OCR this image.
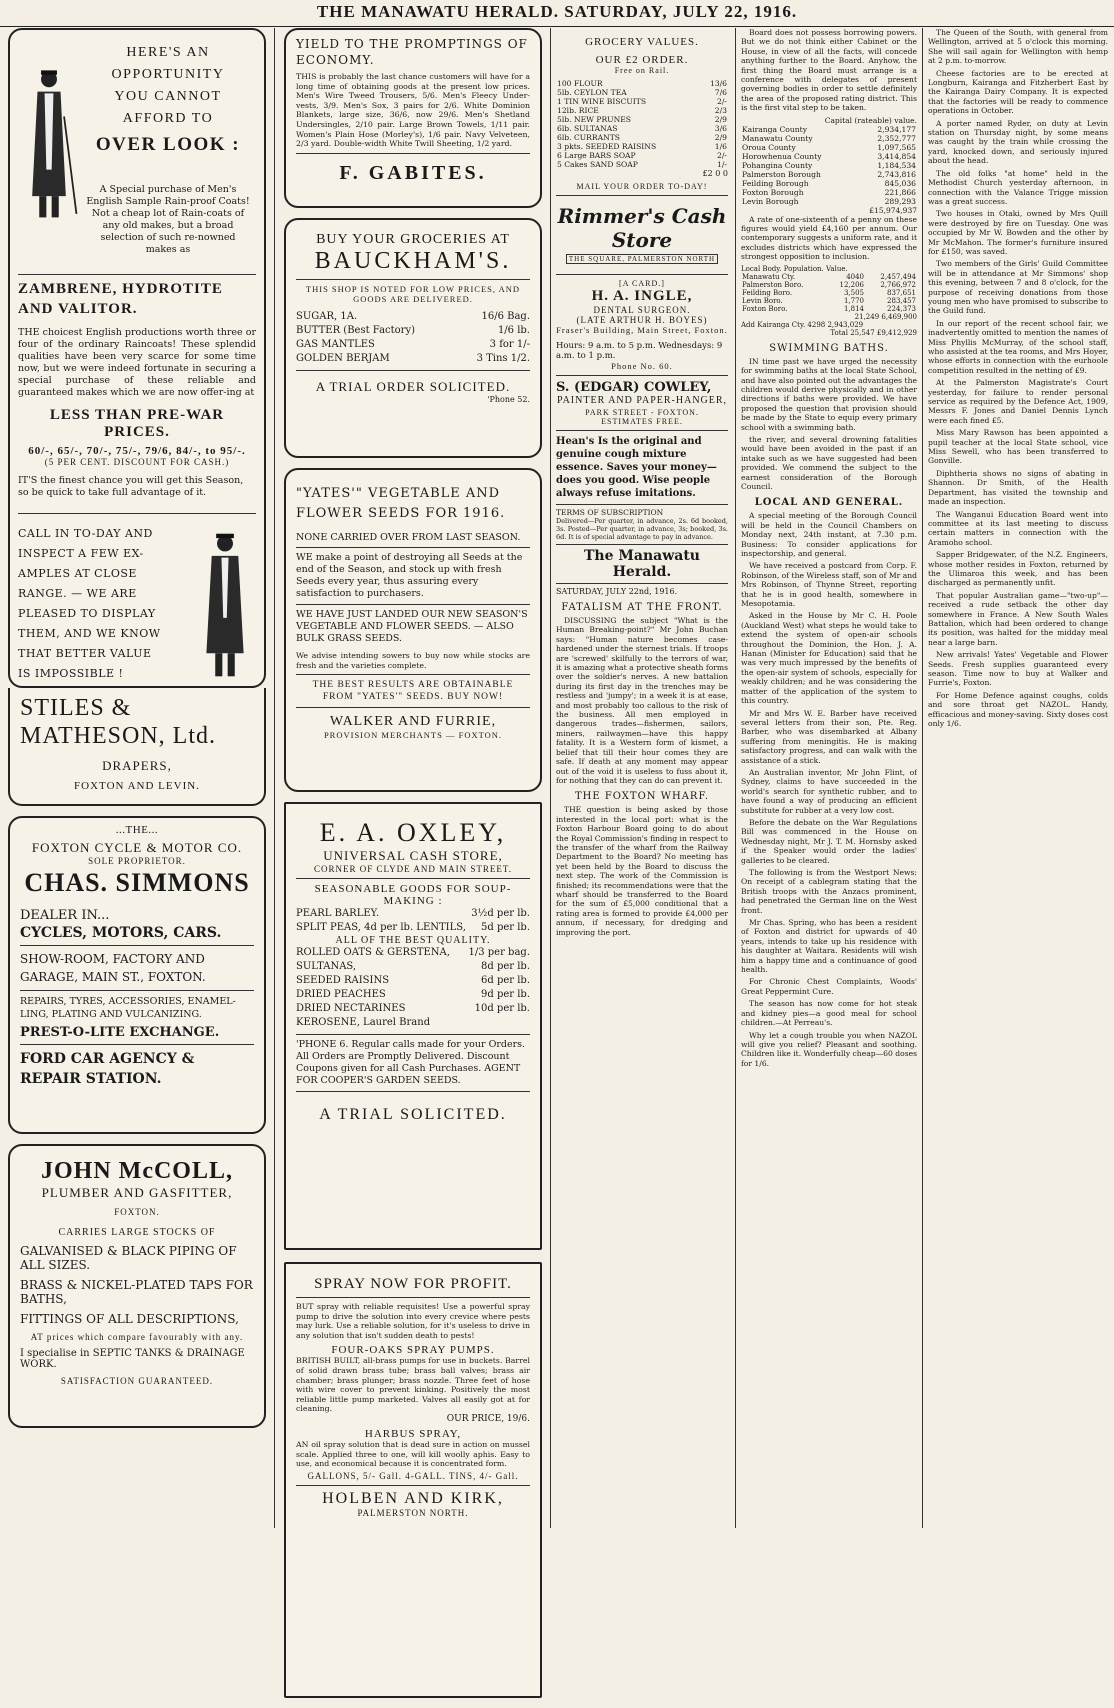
THE MANAWATU HERALD. SATURDAY, JULY 22, 1916.
HERE'S AN
OPPORTUNITY
YOU CANNOT
AFFORD TO
OVER LOOK :
A Special purchase of Men's English Sample Rain-proof Coats! Not a cheap lot of Rain-coats of any old makes, but a broad selection of such re-nowned makes as
ZAMBRENE, HYDROTITE AND VALITOR.
THE choicest English productions worth three or four of the ordinary Raincoats! These splendid qualities have been very scarce for some time now, but we were indeed fortunate in securing a special purchase of these reliable and guaranteed makes which we are now offer-ing at
LESS THAN PRE-WAR PRICES.
60/-, 65/-, 70/-, 75/-, 79/6, 84/-, to 95/-.
(5 PER CENT. DISCOUNT FOR CASH.)
IT'S the finest chance you will get this Season, so be quick to take full advantage of it.
CALL IN TO-DAY AND
INSPECT A FEW EX-
AMPLES AT CLOSE
RANGE. — WE ARE
PLEASED TO DISPLAY
THEM, AND WE KNOW
THAT BETTER VALUE
IS IMPOSSIBLE !
STILES & MATHESON, Ltd.
DRAPERS,
FOXTON AND LEVIN.
...THE...
FOXTON CYCLE & MOTOR CO.
SOLE PROPRIETOR.
CHAS. SIMMONS
DEALER IN...
CYCLES, MOTORS, CARS.
SHOW-ROOM, FACTORY AND GARAGE, MAIN ST., FOXTON.
REPAIRS, TYRES, ACCESSORIES, ENAMEL-LING, PLATING AND VULCANIZING.
PREST-O-LITE EXCHANGE.
FORD CAR AGENCY & REPAIR STATION.
JOHN McCOLL,
PLUMBER AND GASFITTER,
FOXTON.
CARRIES LARGE STOCKS OF
GALVANISED & BLACK PIPING OF ALL SIZES.
BRASS & NICKEL-PLATED TAPS FOR BATHS,
FITTINGS OF ALL DESCRIPTIONS,
AT prices which compare favourably with any.
I specialise in SEPTIC TANKS & DRAINAGE WORK.
SATISFACTION GUARANTEED.
YIELD TO THE PROMPTINGS OF ECONOMY.
THIS is probably the last chance customers will have for a long time of obtaining goods at the present low prices. Men's Wire Tweed Trousers, 5/6. Men's Fleecy Under-vests, 3/9. Men's Sox, 3 pairs for 2/6. White Dominion Blankets, large size, 36/6, now 29/6. Men's Shetland Undersingles, 2/10 pair. Large Brown Towels, 1/11 pair. Women's Plain Hose (Morley's), 1/6 pair. Navy Velveteen, 2/3 yard. Double-width White Twill Sheeting, 1/2 yard.
F. GABITES.
BUY YOUR GROCERIES AT
BAUCKHAM'S.
THIS SHOP IS NOTED FOR LOW PRICES, AND GOODS ARE DELIVERED.
SUGAR, 1A.	16/6 Bag.
BUTTER (Best Factory)	1/6 lb.
GAS MANTLES	3 for 1/-
GOLDEN BERJAM	3 Tins 1/2.
A TRIAL ORDER SOLICITED.
'Phone 52.
"YATES'" VEGETABLE AND FLOWER SEEDS FOR 1916.
NONE CARRIED OVER FROM LAST SEASON.
WE make a point of destroying all Seeds at the end of the Season, and stock up with fresh Seeds every year, thus assuring every satisfaction to purchasers.
WE HAVE JUST LANDED OUR NEW SEASON'S VEGETABLE AND FLOWER SEEDS. — ALSO BULK GRASS SEEDS.
We advise intending sowers to buy now while stocks are fresh and the varieties complete.
THE BEST RESULTS ARE OBTAINABLE FROM "YATES'" SEEDS. BUY NOW!
WALKER AND FURRIE,
PROVISION MERCHANTS — FOXTON.
E. A. OXLEY,
UNIVERSAL CASH STORE,
CORNER OF CLYDE AND MAIN STREET.
SEASONABLE GOODS FOR SOUP-MAKING :
PEARL BARLEY.	3½d per lb.
SPLIT PEAS, 4d per lb. LENTILS, 5d per lb.
ALL OF THE BEST QUALITY.
ROLLED OATS & GERSTENA, 1/3 per bag.
SULTANAS,	8d per lb.
SEEDED RAISINS	6d per lb.
DRIED PEACHES	9d per lb.
DRIED NECTARINES	10d per lb.
KEROSENE, Laurel Brand
'PHONE 6. Regular calls made for your Orders. All Orders are Promptly Delivered. Discount Coupons given for all Cash Purchases. AGENT FOR COOPER'S GARDEN SEEDS.
A TRIAL SOLICITED.
SPRAY NOW FOR PROFIT.
BUT spray with reliable requisites! Use a powerful spray pump to drive the solution into every crevice where pests may lurk. Use a reliable solution, for it's useless to drive in any solution that isn't sudden death to pests!
FOUR-OAKS SPRAY PUMPS.
BRITISH BUILT, all-brass pumps for use in buckets. Barrel of solid drawn brass tube; brass ball valves; brass air chamber; brass plunger; brass nozzle. Three feet of hose with wire cover to prevent kinking. Positively the most reliable little pump marketed. Valves all easily got at for cleaning.
OUR PRICE, 19/6.
HARBUS SPRAY,
AN oil spray solution that is dead sure in action on mussel scale. Applied three to one, will kill woolly aphis. Easy to use, and economical because it is concentrated form.
GALLONS, 5/- Gall. 4-GALL. TINS, 4/- Gall.
HOLBEN AND KIRK,
PALMERSTON NORTH.
GROCERY VALUES.
OUR £2 ORDER.
Free on Rail.
100 FLOUR	13/6
5lb. CEYLON TEA	7/6
1 TIN WINE BISCUITS	2/-
12lb. RICE	2/3
5lb. NEW PRUNES	2/9
6lb. SULTANAS	3/6
6lb. CURRANTS	2/9
3 pkts. SEEDED RAISINS	1/6
6 Large BARS SOAP	2/-
5 Cakes SAND SOAP	1/-
£2 0 0
MAIL YOUR ORDER TO-DAY!
Rimmer's Cash Store
THE SQUARE, PALMERSTON NORTH
[A CARD.]
H. A. INGLE,
DENTAL SURGEON.
(LATE ARTHUR H. BOYES)
Fraser's Building, Main Street, Foxton.
Hours: 9 a.m. to 5 p.m. Wednesdays: 9 a.m. to 1 p.m.
Phone No. 60.
S. (EDGAR) COWLEY,
PAINTER AND PAPER-HANGER,
PARK STREET - FOXTON.
ESTIMATES FREE.
Hean's Is the original and genuine cough mixture essence. Saves your money—does you good. Wise people always refuse imitations.
TERMS OF SUBSCRIPTION
Delivered—Per quarter, in advance, 2s. 6d booked, 3s. Posted—Per quarter, in advance, 3s; booked, 3s. 6d. It is of special advantage to pay in advance.
The Manawatu Herald.
SATURDAY, JULY 22nd, 1916.
FATALISM AT THE FRONT.

DISCUSSING the subject "What is the Human Breaking-point?" Mr John Buchan says: "Human nature becomes case-hardened under the sternest trials. If troops are 'screwed' skilfully to the terrors of war, it is amazing what a protective sheath forms over the soldier's nerves. A new battalion during its first day in the trenches may be restless and 'jumpy'; in a week it is at ease, and most probably too callous to the risk of the business. All men employed in dangerous trades—fishermen, sailors, miners, railwaymen—have this happy fatality. It is a Western form of kismet, a belief that till their hour comes they are safe. If death at any moment may appear out of the void it is useless to fuss about it, for nothing that they can do can prevent it.

THE FOXTON WHARF.

THE question is being asked by those interested in the local port: what is the Foxton Harbour Board going to do about the Royal Commission's finding in respect to the transfer of the wharf from the Railway Department to the Board? No meeting has yet been held by the Board to discuss the next step. The work of the Commission is finished; its recommendations were that the wharf should be transferred to the Board for the sum of £5,000 conditional that a rating area is formed to provide £4,000 per annum, if necessary, for dredging and improving the port.

Board does not possess borrowing powers. But we do not think either Cabinet or the House, in view of all the facts, will concede anything further to the Board. Anyhow, the first thing the Board must arrange is a conference with delegates of present governing bodies in order to settle definitely the area of the proposed rating district. This is the first vital step to be taken.

Capital (rateable) value.
Kairanga County	2,934,177
Manawatu County	2,352,777
Oroua County	1,097,565
Horowhenua County	3,414,854
Pohangina County	1,184,534
Palmerston Borough	2,743,816
Feilding Borough	845,036
Foxton Borough	221,866
Levin Borough	289,293
£15,974,937

A rate of one-sixteenth of a penny on these figures would yield £4,160 per annum. Our contemporary suggests a uniform rate, and it excludes districts which have expressed the strongest opposition to inclusion.

Local Body. Population. Value.
Manawatu Cty.	4040	2,457,494
Palmerston Boro.	12,206	2,766,972
Feilding Boro.	3,505	837,651
Levin Boro.	1,770	283,457
Foxton Boro.	1,814	224,373
21,249 6,469,900
Add Kairanga Cty. 4298 2,943,029
Total 25,547 £9,412,929
SWIMMING BATHS.

IN time past we have urged the necessity for swimming baths at the local State School, and have also pointed out the advantages the children would derive physically and in other directions if baths were provided. We have proposed the question that provision should be made by the State to equip every primary school with a swimming bath.

the river, and several drowning fatalities would have been avoided in the past if an intake such as we have suggested had been provided. We commend the subject to the earnest consideration of the Borough Council.

LOCAL AND GENERAL.

A special meeting of the Borough Council will be held in the Council Chambers on Monday next, 24th instant, at 7.30 p.m. Business: To consider applications for inspectorship, and general.

We have received a postcard from Corp. F. Robinson, of the Wireless staff, son of Mr and Mrs Robinson, of Thynne Street, reporting that he is in good health, somewhere in Mesopotamia.

Asked in the House by Mr C. H. Poole (Auckland West) what steps he would take to extend the system of open-air schools throughout the Dominion, the Hon. J. A. Hanan (Minister for Education) said that he was very much impressed by the benefits of the open-air system of schools, especially for weakly children; and he was considering the matter of the application of the system to this country.

Mr and Mrs W. E. Barber have received several letters from their son, Pte. Reg. Barber, who was disembarked at Albany suffering from meningitis. He is making satisfactory progress, and can walk with the assistance of a stick.

An Australian inventor, Mr John Flint, of Sydney, claims to have succeeded in the world's search for synthetic rubber, and to have found a way of producing an efficient substitute for rubber at a very low cost.

Before the debate on the War Regulations Bill was commenced in the House on Wednesday night, Mr J. T. M. Hornsby asked if the Speaker would order the ladies' galleries to be cleared.

The following is from the Westport News: On receipt of a cablegram stating that the British troops with the Anzacs prominent, had penetrated the German line on the West front.

Mr Chas. Spring, who has been a resident of Foxton and district for upwards of 40 years, intends to take up his residence with his daughter at Waitara. Residents will wish him a happy time and a continuance of good health.

For Chronic Chest Complaints, Woods' Great Peppermint Cure.

The season has now come for hot steak and kidney pies—a good meal for school children.—At Perreau's.

Why let a cough trouble you when NAZOL will give you relief? Pleasant and soothing. Children like it. Wonderfully cheap—60 doses for 1/6.

The Queen of the South, with general from Wellington, arrived at 5 o'clock this morning. She will sail again for Wellington with hemp at 2 p.m. to-morrow.

Cheese factories are to be erected at Longburn, Kairanga and Fitzherbert East by the Kairanga Dairy Company. It is expected that the factories will be ready to commence operations in October.

A porter named Ryder, on duty at Levin station on Thursday night, by some means was caught by the train while crossing the yard, knocked down, and seriously injured about the head.

The old folks "at home" held in the Methodist Church yesterday afternoon, in connection with the Valance Trigge mission was a great success.

Two houses in Otaki, owned by Mrs Quill were destroyed by fire on Tuesday. One was occupied by Mr W. Bowden and the other by Mr McMahon. The former's furniture insured for £150, was saved.

Two members of the Girls' Guild Committee will be in attendance at Mr Simmons' shop this evening, between 7 and 8 o'clock, for the purpose of receiving donations from those young men who have promised to subscribe to the Guild fund.

In our report of the recent school fair, we inadvertently omitted to mention the names of Miss Phyllis McMurray, of the school staff, who assisted at the tea rooms, and Mrs Hoyer, whose efforts in connection with the eurhoole competition resulted in the netting of £9.

At the Palmerston Magistrate's Court yesterday, for failure to render personal service as required by the Defence Act, 1909, Messrs F. Jones and Daniel Dennis Lynch were each fined £5.

Miss Mary Rawson has been appointed a pupil teacher at the local State school, vice Miss Sewell, who has been transferred to Gonville.

Diphtheria shows no signs of abating in Shannon. Dr Smith, of the Health Department, has visited the township and made an inspection.

The Wanganui Education Board went into committee at its last meeting to discuss certain matters in connection with the Aramoho school.

Sapper Bridgewater, of the N.Z. Engineers, whose mother resides in Foxton, returned by the Ulimaroa this week, and has been discharged as permanently unfit.

That popular Australian game—"two-up"—received a rude setback the other day somewhere in France. A New South Wales Battalion, which had been ordered to change its position, was halted for the midday meal near a large barn.

New arrivals! Yates' Vegetable and Flower Seeds. Fresh supplies guaranteed every season. Time now to buy at Walker and Furrie's, Foxton.

For Home Defence against coughs, colds and sore throat get NAZOL. Handy, efficacious and money-saving. Sixty doses cost only 1/6.
